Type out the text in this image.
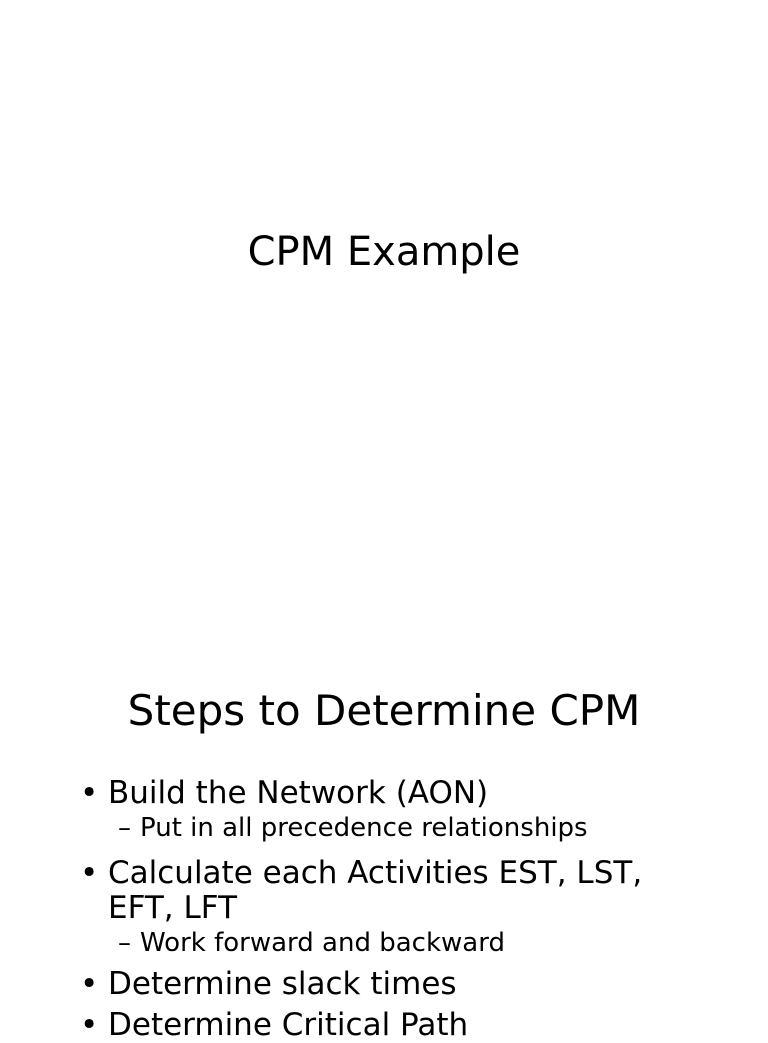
CPM Example
Steps to Determine CPM
• Build the Network (AON)
– Put in all precedence relationships
• Calculate each Activities EST, LST, EFT, LFT
– Work forward and backward
• Determine slack times
• Determine Critical Path
